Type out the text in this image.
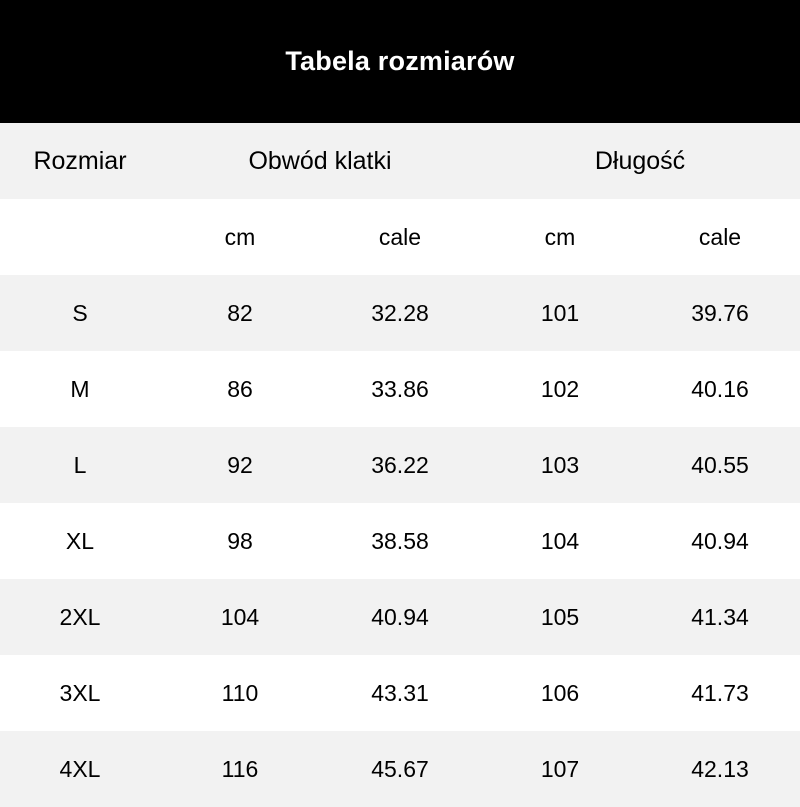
Tabela rozmiarów
Rozmiar	Obwód klatki		Długość	
	cm	cale	cm	cale
S	82	32.28	101	39.76
M	86	33.86	102	40.16
L	92	36.22	103	40.55
XL	98	38.58	104	40.94
2XL	104	40.94	105	41.34
3XL	110	43.31	106	41.73
4XL	116	45.67	107	42.13
